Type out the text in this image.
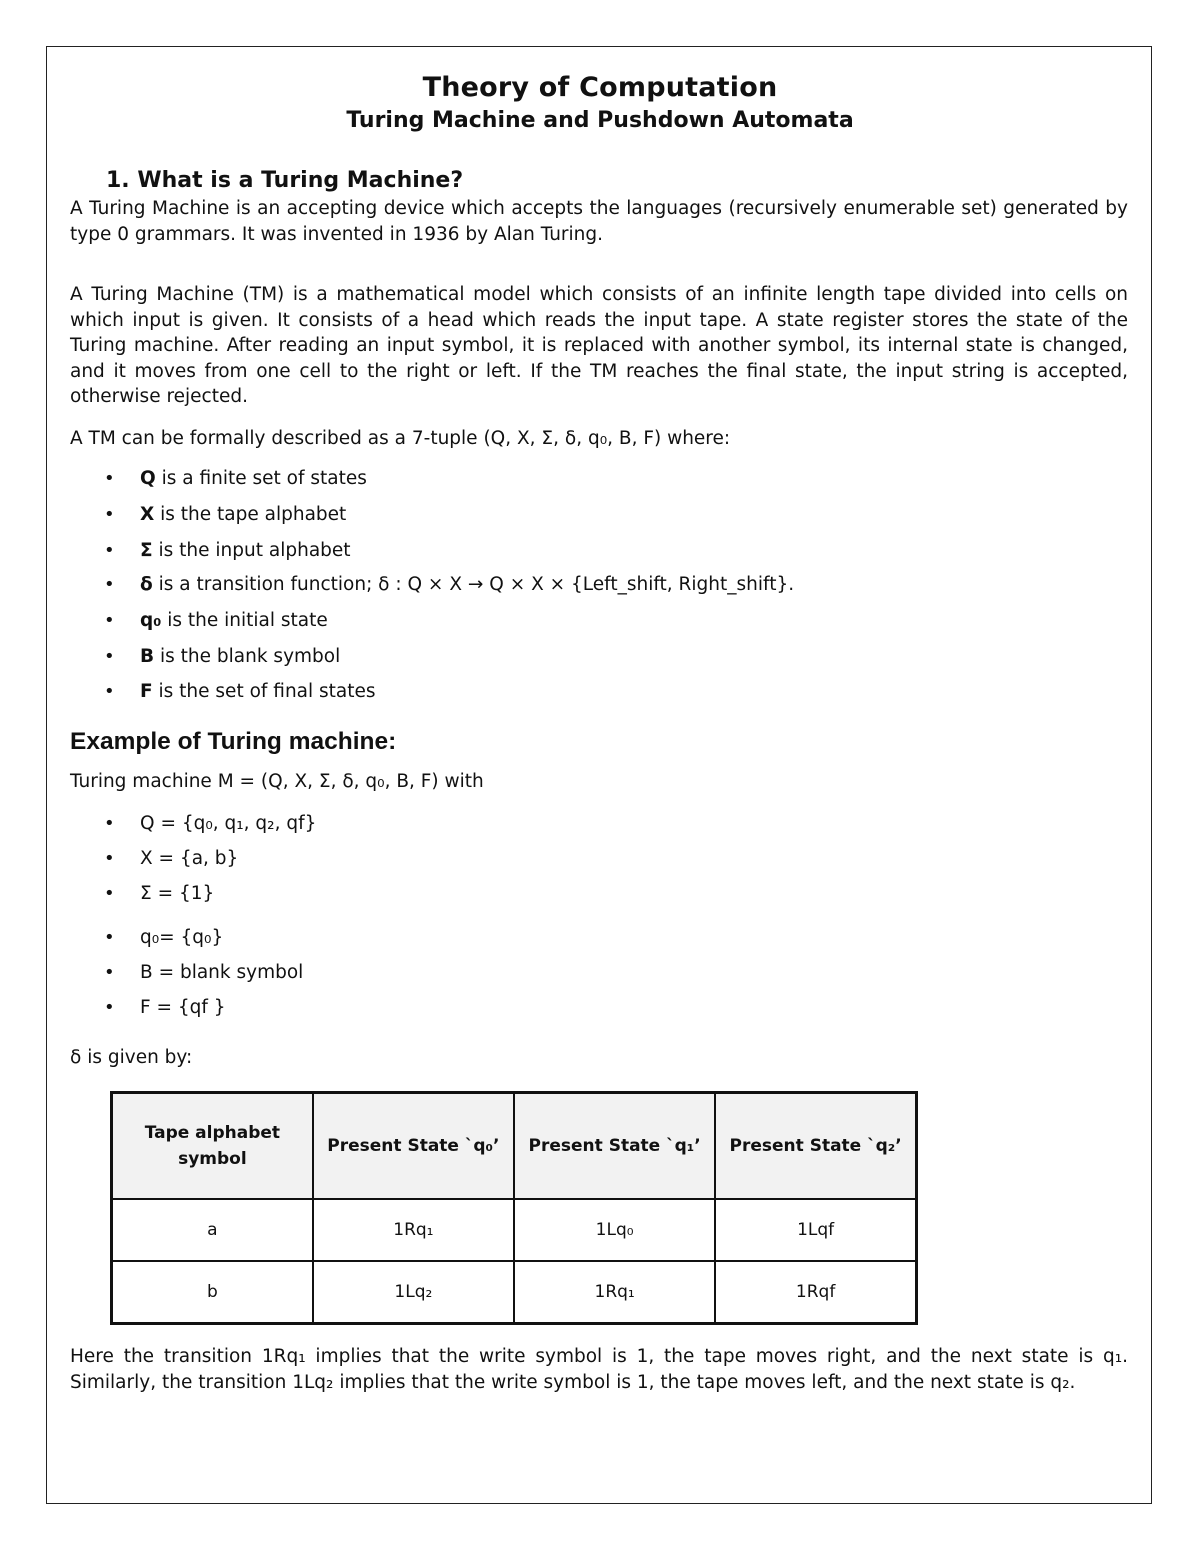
Theory of Computation
Turing Machine and Pushdown Automata
1. What is a Turing Machine?
A Turing Machine is an accepting device which accepts the languages (recursively enumerable set) generated by type 0 grammars. It was invented in 1936 by Alan Turing.
A Turing Machine (TM) is a mathematical model which consists of an infinite length tape divided into cells on which input is given. It consists of a head which reads the input tape. A state register stores the state of the Turing machine. After reading an input symbol, it is replaced with another symbol, its internal state is changed, and it moves from one cell to the right or left. If the TM reaches the final state, the input string is accepted, otherwise rejected.
A TM can be formally described as a 7-tuple (Q, X, Σ, δ, q₀, B, F) where:
• Q is a finite set of states
• X is the tape alphabet
• Σ is the input alphabet
• δ is a transition function; δ : Q × X → Q × X × {Left_shift, Right_shift}.
• q₀ is the initial state
• B is the blank symbol
• F is the set of final states
Example of Turing machine:
Turing machine M = (Q, X, Σ, δ, q₀, B, F) with
• Q = {q₀, q₁, q₂, qf}
• X = {a, b}
• Σ = {1}
• q₀= {q₀}
• B = blank symbol
• F = {qf }
δ is given by:
Tape alphabet symbol	Present State `q₀’	Present State `q₁’	Present State `q₂’
a	1Rq₁	1Lq₀	1Lqf
b	1Lq₂	1Rq₁	1Rqf
Here the transition 1Rq₁ implies that the write symbol is 1, the tape moves right, and the next state is q₁. Similarly, the transition 1Lq₂ implies that the write symbol is 1, the tape moves left, and the next state is q₂.
